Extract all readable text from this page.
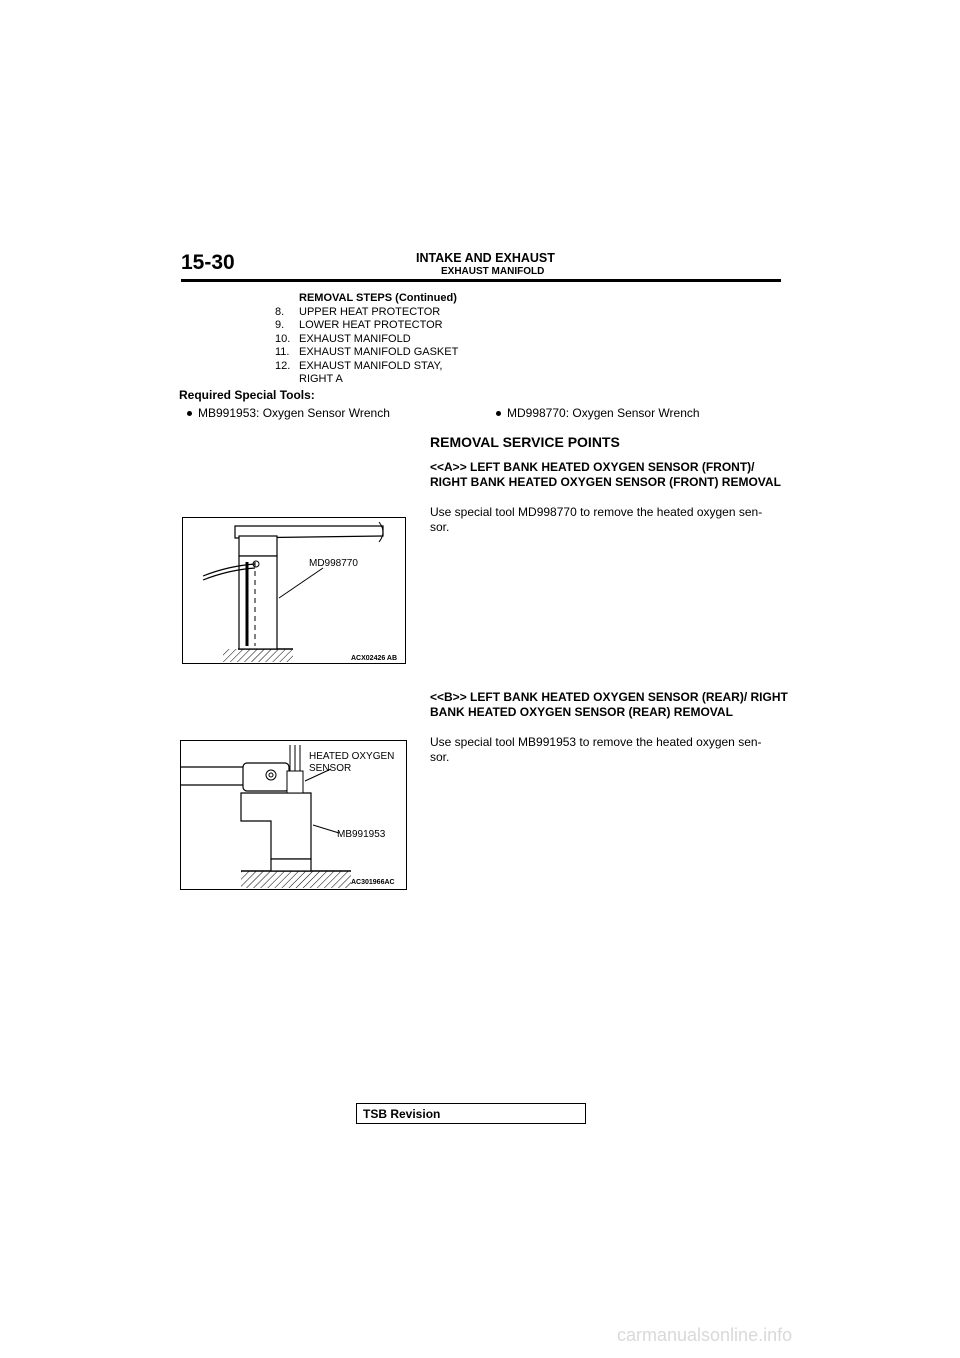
15-30	INTAKE AND EXHAUST
EXHAUST MANIFOLD
REMOVAL STEPS (Continued)
8.	UPPER HEAT PROTECTOR
9.	LOWER HEAT PROTECTOR
10. EXHAUST MANIFOLD
11. EXHAUST MANIFOLD GASKET
12. EXHAUST MANIFOLD STAY,
RIGHT A
Required Special Tools:
MB991953: Oxygen Sensor Wrench	MD998770: Oxygen Sensor Wrench
REMOVAL SERVICE POINTS
<<A>> LEFT BANK HEATED OXYGEN SENSOR (FRONT)/ RIGHT BANK HEATED OXYGEN SENSOR (FRONT) REMOVAL
Use special tool MD998770 to remove the heated oxygen sen- sor.
<<B>> LEFT BANK HEATED OXYGEN SENSOR (REAR)/ RIGHT BANK HEATED OXYGEN SENSOR (REAR) REMOVAL
Use special tool MB991953 to remove the heated oxygen sen- sor.
MD998770
ACX02426 AB
HEATED OXYGEN
SENSOR
MB991953
AC301966AC
TSB Revision
carmanualsonline.info
